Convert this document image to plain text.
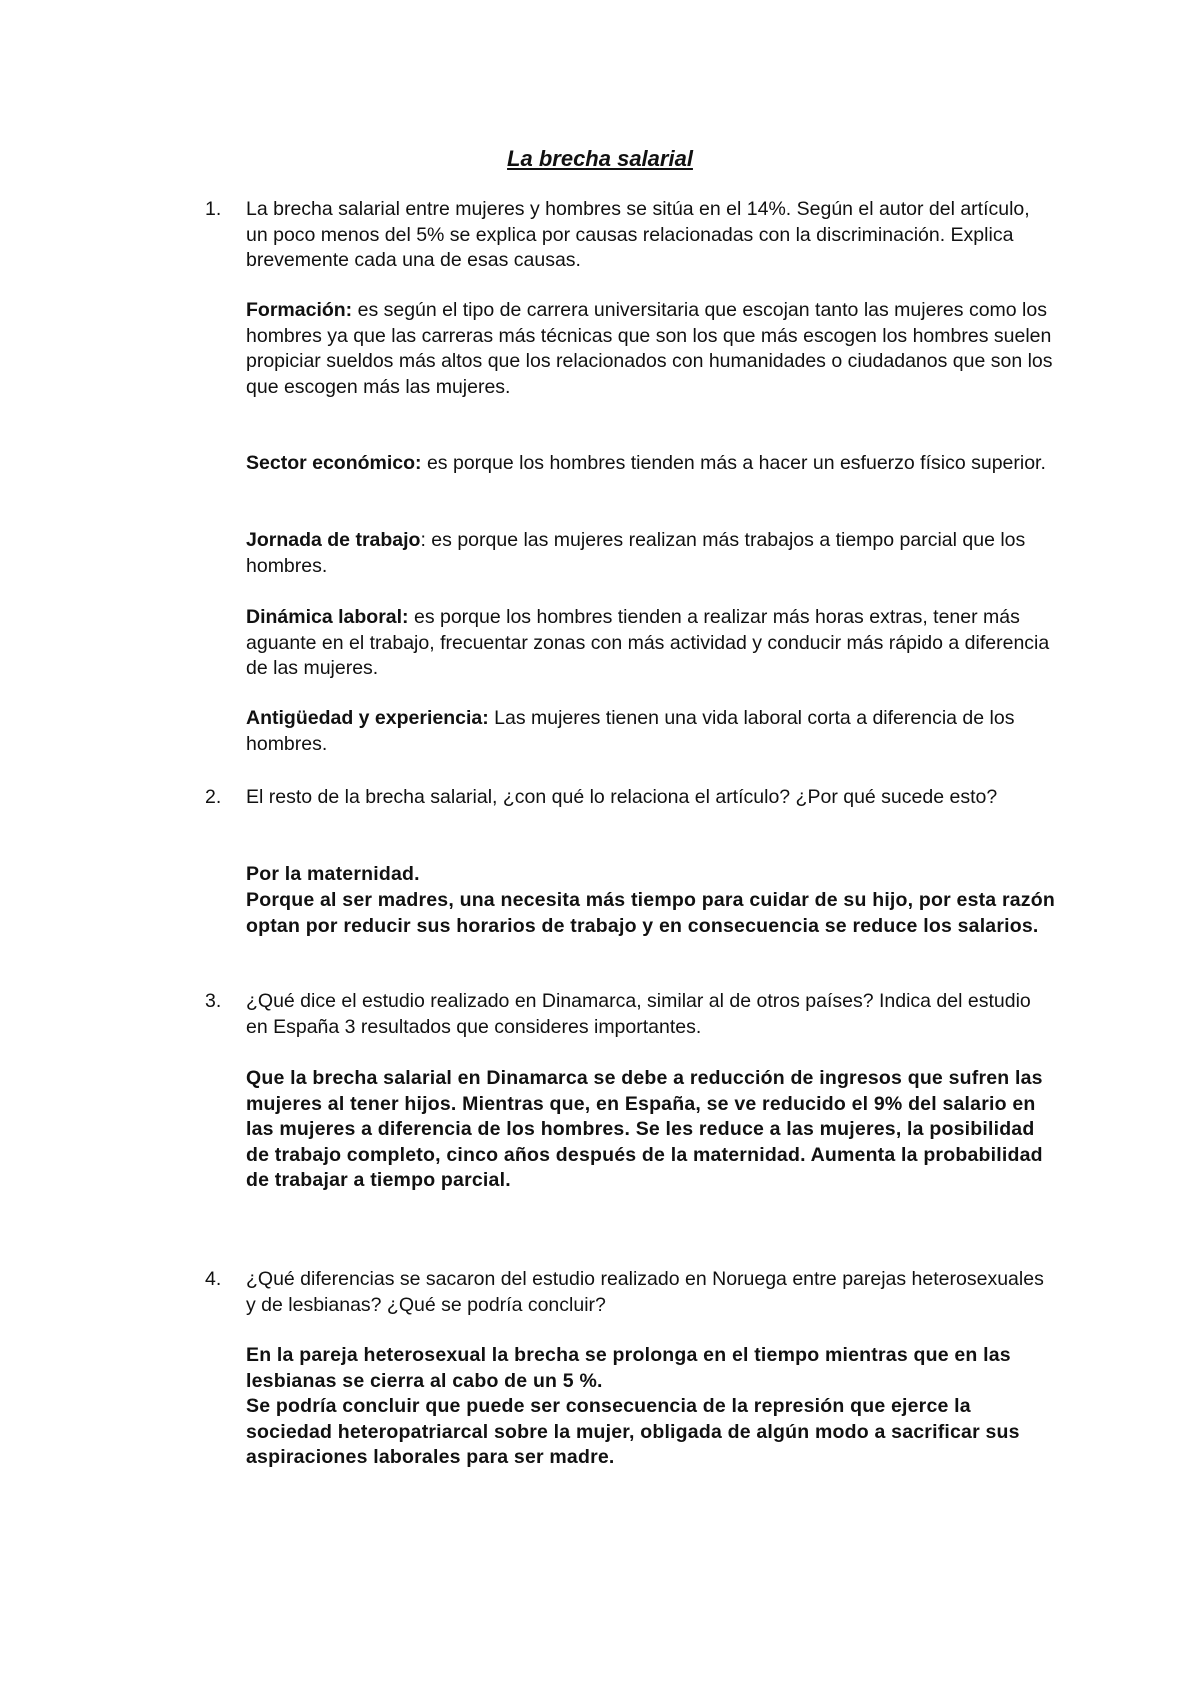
La brecha salarial
1. La brecha salarial entre mujeres y hombres se sitúa en el 14%. Según el autor del artículo, un poco menos del 5% se explica por causas relacionadas con la discriminación. Explica brevemente cada una de esas causas.
Formación: es según el tipo de carrera universitaria que escojan tanto las mujeres como los hombres ya que las carreras más técnicas que son los que más escogen los hombres suelen propiciar sueldos más altos que los relacionados con humanidades o ciudadanos que son los que escogen más las mujeres.
Sector económico: es porque los hombres tienden más a hacer un esfuerzo físico superior.
Jornada de trabajo: es porque las mujeres realizan más trabajos a tiempo parcial que los hombres.
Dinámica laboral: es porque los hombres tienden a realizar más horas extras, tener más aguante en el trabajo, frecuentar zonas con más actividad y conducir más rápido a diferencia de las mujeres.
Antigüedad y experiencia: Las mujeres tienen una vida laboral corta a diferencia de los hombres.
2. El resto de la brecha salarial, ¿con qué lo relaciona el artículo? ¿Por qué sucede esto?
Por la maternidad.
Porque al ser madres, una necesita más tiempo para cuidar de su hijo, por esta razón optan por reducir sus horarios de trabajo y en consecuencia se reduce los salarios.
3. ¿Qué dice el estudio realizado en Dinamarca, similar al de otros países? Indica del estudio en España 3 resultados que consideres importantes.
Que la brecha salarial en Dinamarca se debe a reducción de ingresos que sufren las mujeres al tener hijos. Mientras que, en España, se ve reducido el 9% del salario en las mujeres a diferencia de los hombres. Se les reduce a las mujeres, la posibilidad de trabajo completo, cinco años después de la maternidad. Aumenta la probabilidad de trabajar a tiempo parcial.
4. ¿Qué diferencias se sacaron del estudio realizado en Noruega entre parejas heterosexuales y de lesbianas? ¿Qué se podría concluir?
En la pareja heterosexual la brecha se prolonga en el tiempo mientras que en las lesbianas se cierra al cabo de un 5 %.
Se podría concluir que puede ser consecuencia de la represión que ejerce la sociedad heteropatriarcal sobre la mujer, obligada de algún modo a sacrificar sus aspiraciones laborales para ser madre.
